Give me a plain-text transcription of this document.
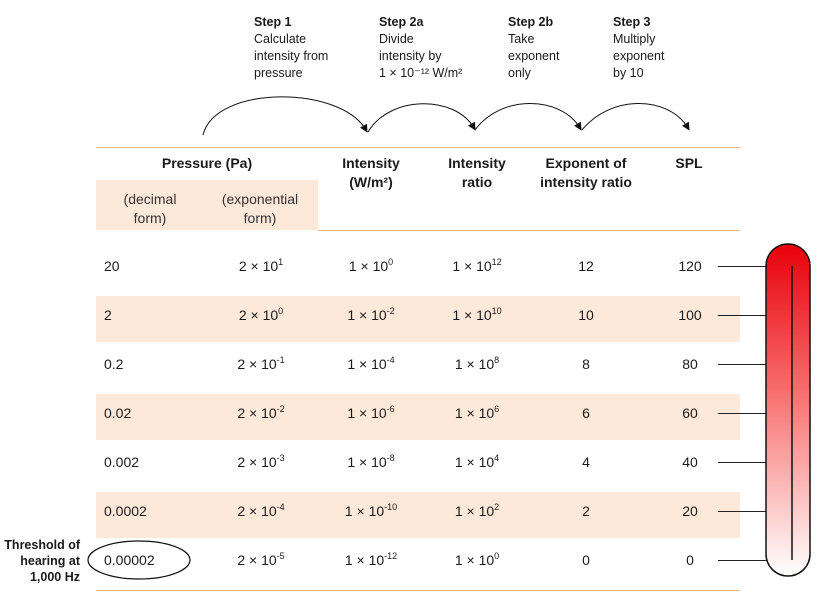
Step 1
Calculate
intensity from
pressure
Step 2a
Divide
intensity by
1 × 10⁻¹² W/m²
Step 2b
Take
exponent
only
Step 3
Multiply
exponent
by 10
Pressure (Pa)
(decimal form)
(exponential form)
Intensity (W/m²)
Intensity ratio
Exponent of intensity ratio
SPL
20	$2 \times 10^1$	$1 \times 10^0$	$1 \times 10^{12}$	12	120
2	$2 \times 10^0$	$1 \times 10^{-2}$	$1 \times 10^{10}$	10	100
0.2	$2 \times 10^{-1}$	$1 \times 10^{-4}$	$1 \times 10^8$	8	80
0.02	$2 \times 10^{-2}$	$1 \times 10^{-6}$	$1 \times 10^6$	6	60
0.002	$2 \times 10^{-3}$	$1 \times 10^{-8}$	$1 \times 10^4$	4	40
0.0002	$2 \times 10^{-4}$	$1 \times 10^{-10}$	$1 \times 10^2$	2	20
0.00002	$2 \times 10^{-5}$	$1 \times 10^{-12}$	$1 \times 10^0$	0	0
Threshold of hearing at 1,000 Hz
